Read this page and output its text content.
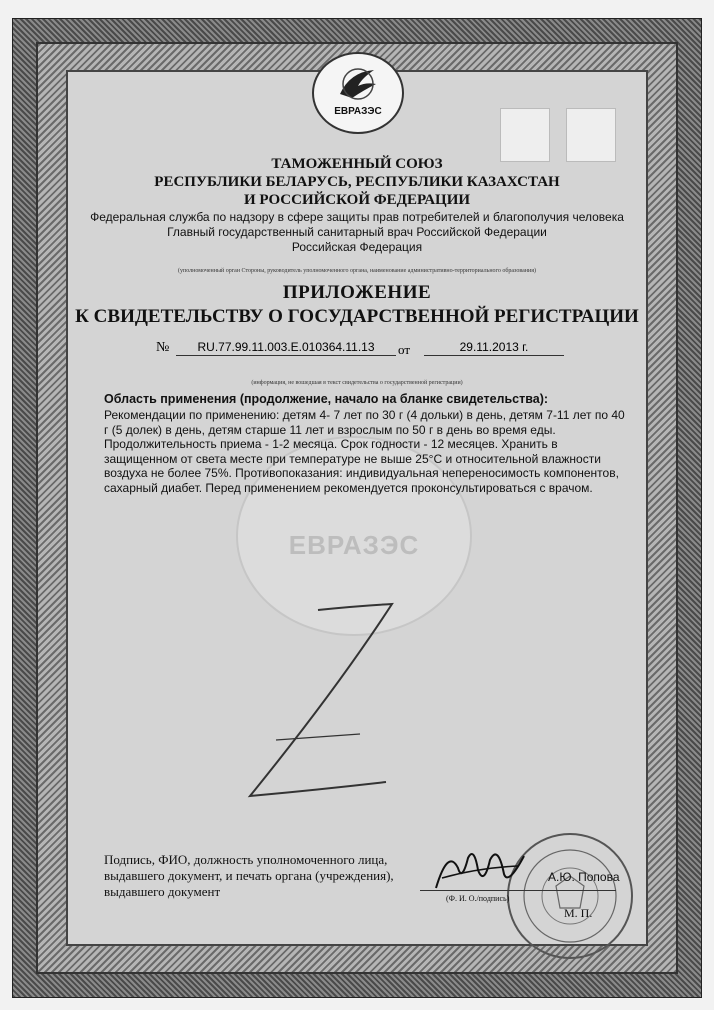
ЕВРАЗЭС
ТАМОЖЕННЫЙ СОЮЗ
РЕСПУБЛИКИ БЕЛАРУСЬ, РЕСПУБЛИКИ КАЗАХСТАН
И РОССИЙСКОЙ ФЕДЕРАЦИИ
Федеральная служба по надзору в сфере защиты прав потребителей и благополучия человека
Главный государственный санитарный врач Российской Федерации
Российская Федерация
(уполномоченный орган Стороны, руководитель уполномоченного органа, наименование административно-территориального образования)
ПРИЛОЖЕНИЕ
К СВИДЕТЕЛЬСТВУ О ГОСУДАРСТВЕННОЙ РЕГИСТРАЦИИ
№	RU.77.99.11.003.E.010364.11.13	от	29.11.2013 г.
(информация, не вошедшая в текст свидетельства о государственной регистрации)
ЕВРАЗЭС
Область применения (продолжение, начало на бланке свидетельства):

Рекомендации по применению: детям 4- 7 лет по 30 г (4 дольки) в день, детям 7-11 лет по 40 г (5 долек) в день, детям старше 11 лет и взрослым по 50 г в день во время еды. Продолжительность приема - 1-2 месяца. Срок годности - 12 месяцев. Хранить в защищенном от света месте при температуре не выше 25°С и относительной влажности воздуха не более 75%. Противопоказания: индивидуальная непереносимость компонентов, сахарный диабет. Перед применением рекомендуется проконсультироваться с врачом.

Подпись, ФИО, должность уполномоченного лица, выдавшего документ, и печать органа (учреждения), выдавшего документ

А.Ю. Попова
(Ф. И. О./подпись)
М. П.
